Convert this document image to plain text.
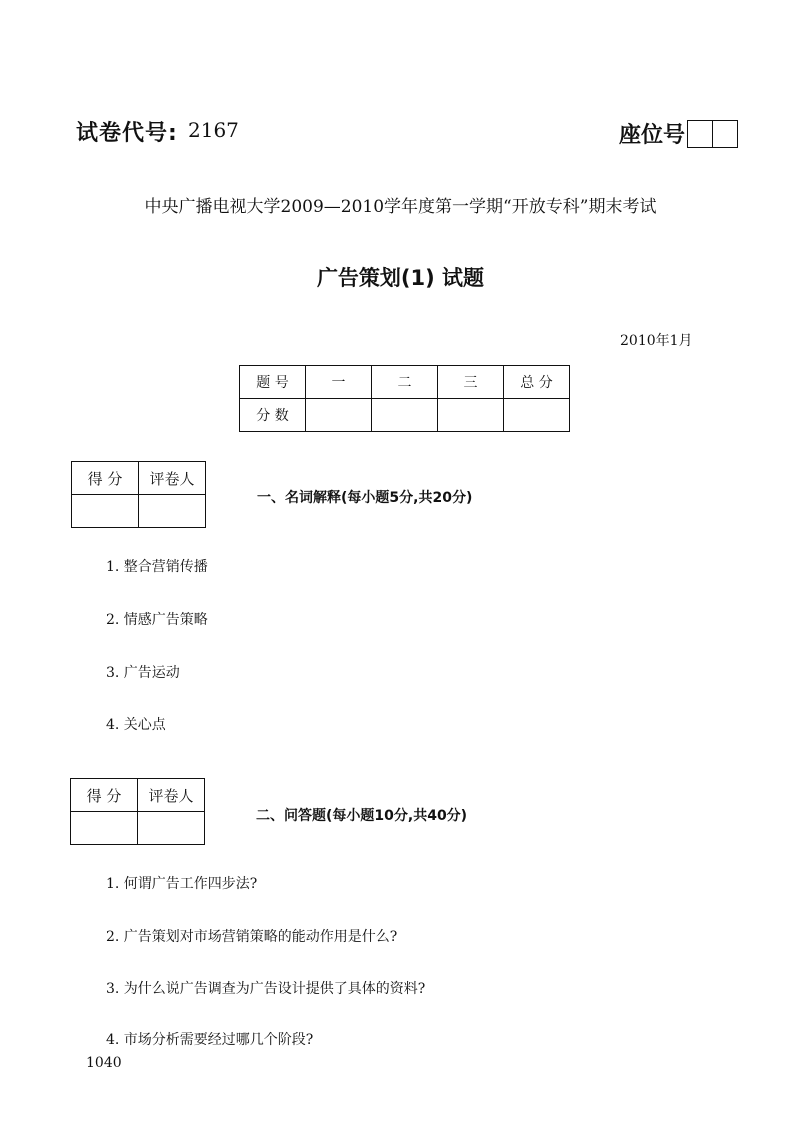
试卷代号: 2167	座位号
中央广播电视大学2009—2010学年度第一学期“开放专科”期末考试
广告策划(1) 试题
2010年1月
题 号	一	二	三	总 分
分 数				
得 分	评卷人

一、名词解释(每小题5分,共20分)
1. 整合营销传播
2. 情感广告策略
3. 广告运动
4. 关心点
得 分	评卷人

二、问答题(每小题10分,共40分)
1. 何谓广告工作四步法?
2. 广告策划对市场营销策略的能动作用是什么?
3. 为什么说广告调查为广告设计提供了具体的资料?
4. 市场分析需要经过哪几个阶段?
1040
